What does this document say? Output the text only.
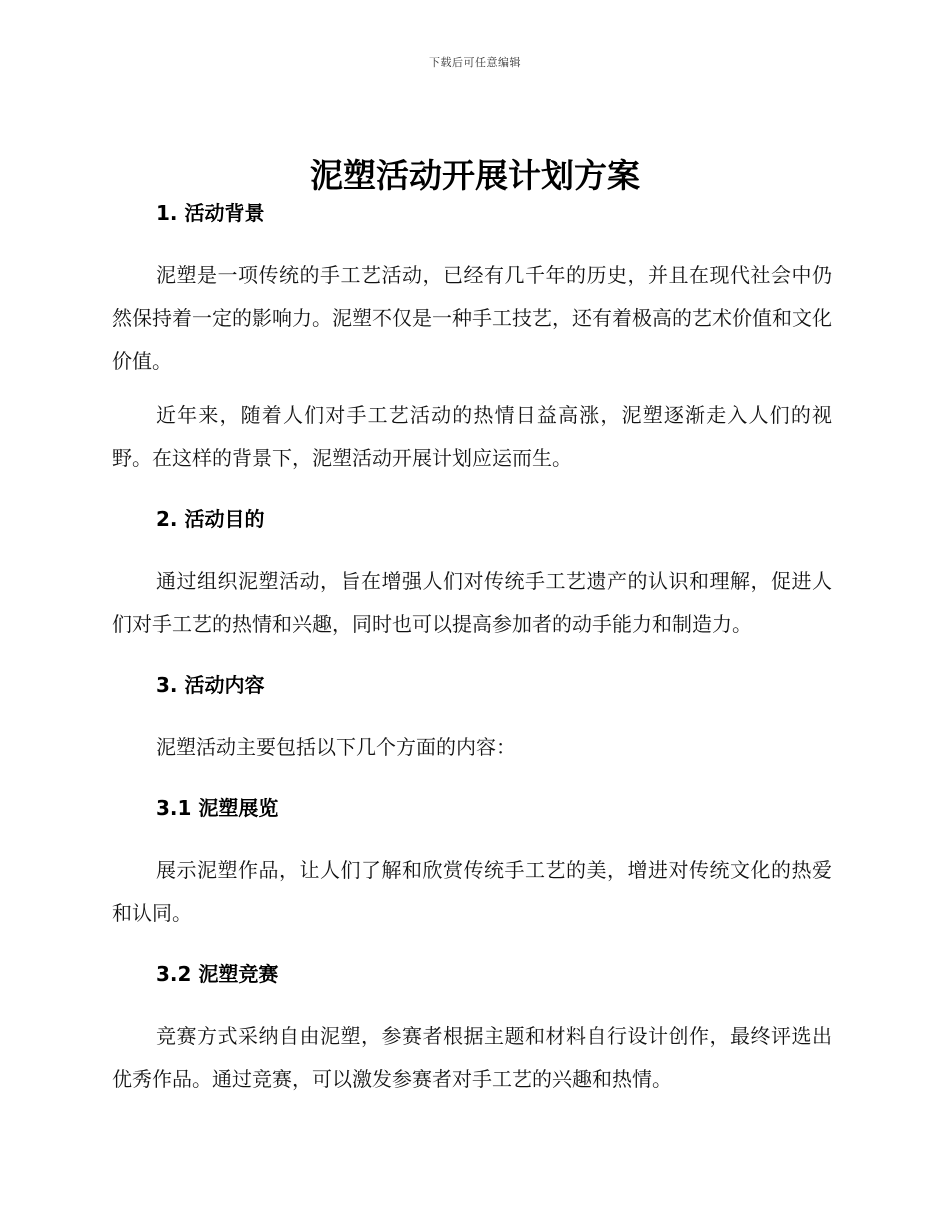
下载后可任意编辑
泥塑活动开展计划方案
1. 活动背景

泥塑是一项传统的手工艺活动，已经有几千年的历史，并且在现代社会中仍然保持着一定的影响力。泥塑不仅是一种手工技艺，还有着极高的艺术价值和文化价值。

近年来，随着人们对手工艺活动的热情日益高涨，泥塑逐渐走入人们的视野。在这样的背景下，泥塑活动开展计划应运而生。

2. 活动目的

通过组织泥塑活动，旨在增强人们对传统手工艺遗产的认识和理解，促进人们对手工艺的热情和兴趣，同时也可以提高参加者的动手能力和制造力。

3. 活动内容

泥塑活动主要包括以下几个方面的内容：

3.1 泥塑展览

展示泥塑作品，让人们了解和欣赏传统手工艺的美，增进对传统文化的热爱和认同。

3.2 泥塑竞赛

竞赛方式采纳自由泥塑，参赛者根据主题和材料自行设计创作，最终评选出优秀作品。通过竞赛，可以激发参赛者对手工艺的兴趣和热情。
